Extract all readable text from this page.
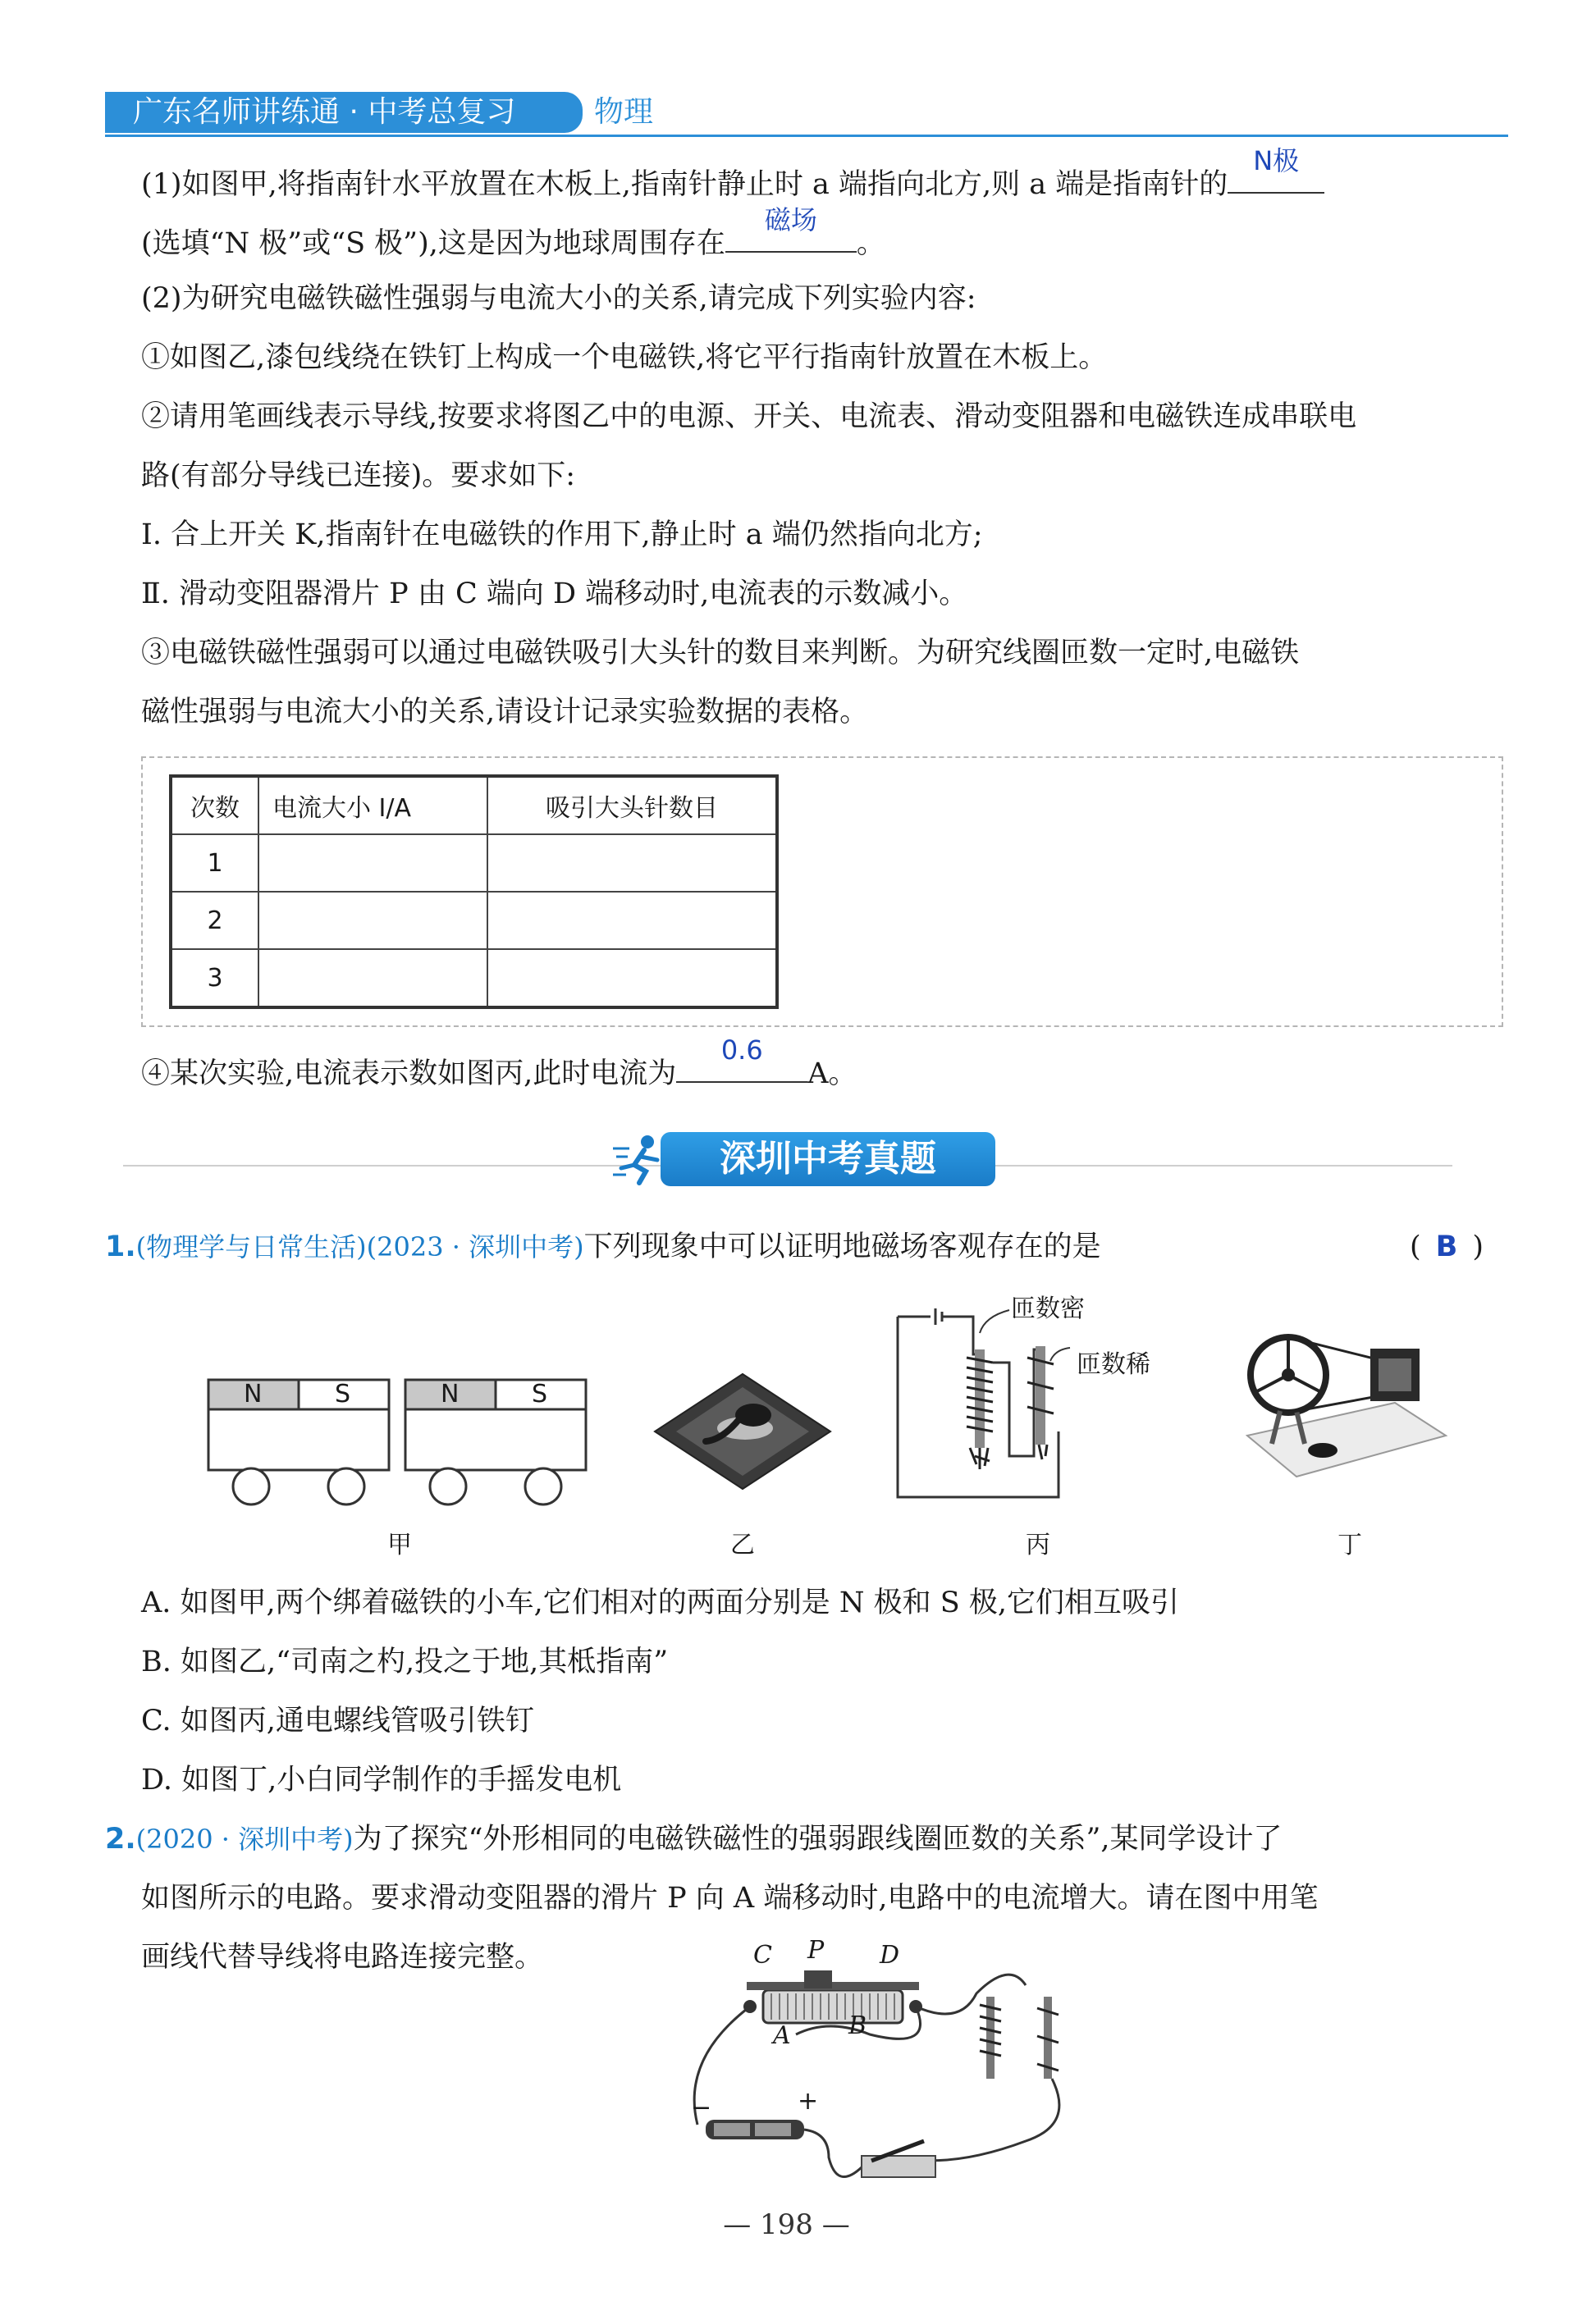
广东名师讲练通 · 中考总复习	物理
(1)如图甲,将指南针水平放置在木板上,指南针静止时 a 端指向北方,则 a 端是指南针的
N极
(选填“N 极”或“S 极”),这是因为地球周围存在
磁场
。
(2)为研究电磁铁磁性强弱与电流大小的关系,请完成下列实验内容:
①如图乙,漆包线绕在铁钉上构成一个电磁铁,将它平行指南针放置在木板上。
②请用笔画线表示导线,按要求将图乙中的电源、开关、电流表、滑动变阻器和电磁铁连成串联电
路(有部分导线已连接)。要求如下:
Ⅰ. 合上开关 K,指南针在电磁铁的作用下,静止时 a 端仍然指向北方;
Ⅱ. 滑动变阻器滑片 P 由 C 端向 D 端移动时,电流表的示数减小。
③电磁铁磁性强弱可以通过电磁铁吸引大头针的数目来判断。为研究线圈匝数一定时,电磁铁
磁性强弱与电流大小的关系,请设计记录实验数据的表格。
次数	电流大小 I/A	吸引大头针数目
1		
2		
3		
④某次实验,电流表示数如图丙,此时电流为
0.6
A。
深圳中考真题
1.(物理学与日常生活)(2023 · 深圳中考)下列现象中可以证明地磁场客观存在的是	( B )
N	S	N	S
甲	乙
匝数密
匝数稀
丙	丁
A. 如图甲,两个绑着磁铁的小车,它们相对的两面分别是 N 极和 S 极,它们相互吸引
B. 如图乙,“司南之杓,投之于地,其柢指南”
C. 如图丙,通电螺线管吸引铁钉
D. 如图丁,小白同学制作的手摇发电机
2.(2020 · 深圳中考)为了探究“外形相同的电磁铁磁性的强弱跟线圈匝数的关系”,某同学设计了
如图所示的电路。要求滑动变阻器的滑片 P 向 A 端移动时,电路中的电流增大。请在图中用笔
画线代替导线将电路连接完整。	C P D
A B
−	+
— 198 —
